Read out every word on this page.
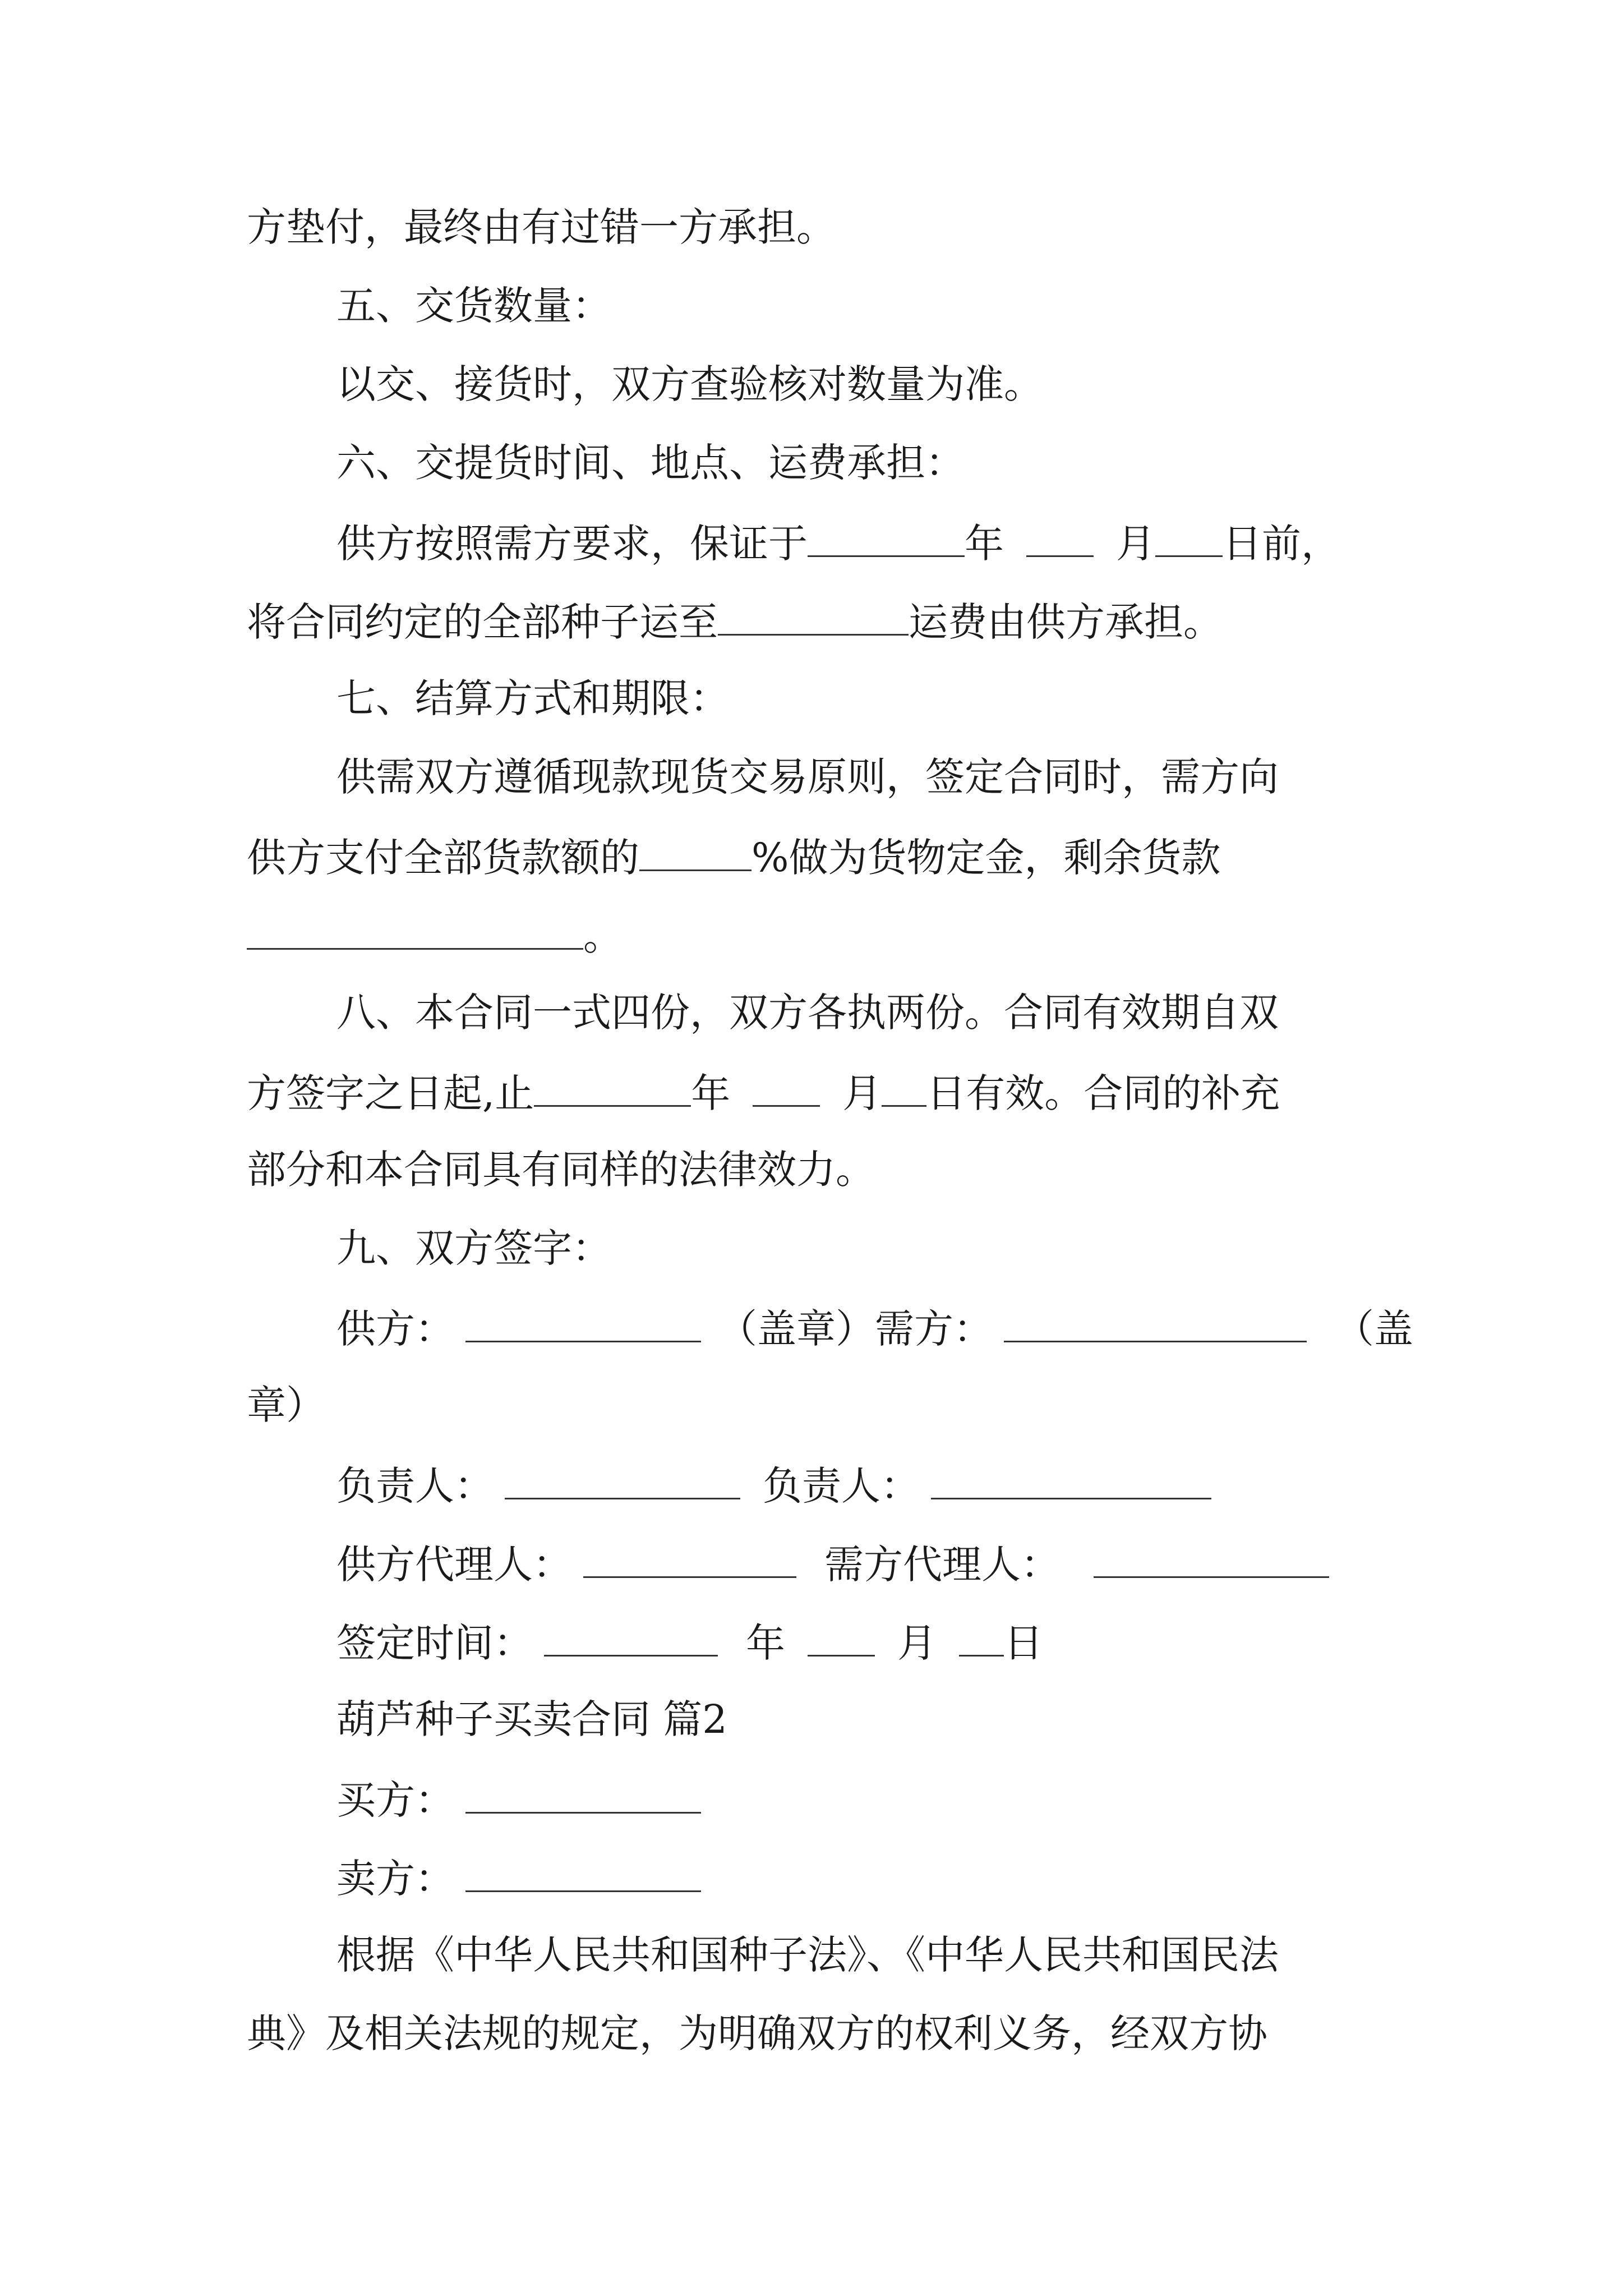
方垫付，最终由有过错一方承担。
五、交货数量：
以交、接货时，双方查验核对数量为准。
六、交提货时间、地点、运费承担：
供方按照需方要求，保证于	年	月 日前，
将合同约定的全部种子运至	运费由供方承担。
七、结算方式和期限：
供需双方遵循现款现货交易原则，签定合同时，需方向
供方支付全部货款额的	%做为货物定金，剩余货款
。
八、本合同一式四份，双方各执两份。合同有效期自双
方签字之日起,止	年	月 日有效。合同的补充
部分和本合同具有同样的法律效力。
九、双方签字：
供方：	（盖章）需方：	（盖
章）
负责人：	负责人：
供方代理人：	需方代理人：
签定时间：	年	月 日
葫芦种子买卖合同 篇2
买方：
卖方：
根据《中华人民共和国种子法》、《中华人民共和国民法
典》及相关法规的规定，为明确双方的权利义务，经双方协
